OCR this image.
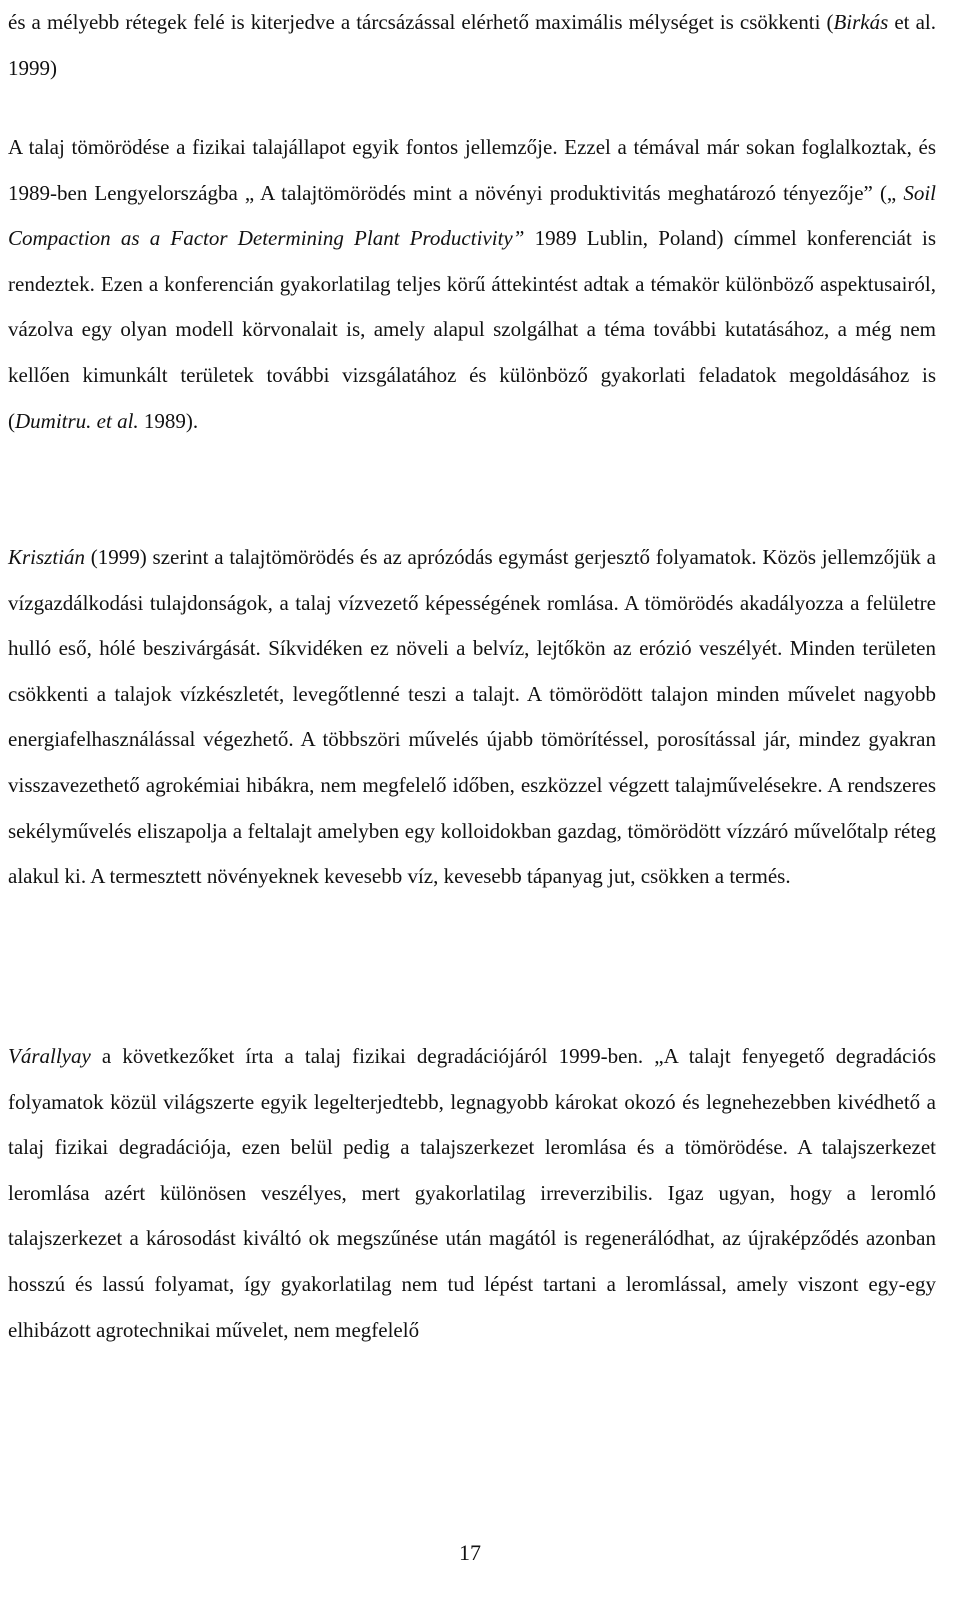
és a mélyebb rétegek felé is kiterjedve a tárcsázással elérhető maximális mélységet is csökkenti (Birkás et al. 1999)

A talaj tömörödése a fizikai talajállapot egyik fontos jellemzője. Ezzel a témával már sokan foglalkoztak, és 1989-ben Lengyelországba „ A talajtömörödés mint a növényi produktivitás meghatározó tényezője” („ Soil Compaction as a Factor Determining Plant Productivity” 1989 Lublin, Poland) címmel konferenciát is rendeztek. Ezen a konferencián gyakorlatilag teljes körű áttekintést adtak a témakör különböző aspektusairól, vázolva egy olyan modell körvonalait is, amely alapul szolgálhat a téma további kutatásához, a még nem kellően kimunkált területek további vizsgálatához és különböző gyakorlati feladatok megoldásához is (Dumitru. et al. 1989).

Krisztián (1999) szerint a talajtömörödés és az aprózódás egymást gerjesztő folyamatok. Közös jellemzőjük a vízgazdálkodási tulajdonságok, a talaj vízvezető képességének romlása. A tömörödés akadályozza a felületre hulló eső, hólé beszivárgását. Síkvidéken ez növeli a belvíz, lejtőkön az erózió veszélyét. Minden területen csökkenti a talajok vízkészletét, levegőtlenné teszi a talajt. A tömörödött talajon minden művelet nagyobb energiafelhasználással végezhető. A többszöri művelés újabb tömörítéssel, porosítással jár, mindez gyakran visszavezethető agrokémiai hibákra, nem megfelelő időben, eszközzel végzett talajművelésekre. A rendszeres sekélyművelés eliszapolja a feltalajt amelyben egy kolloidokban gazdag, tömörödött vízzáró művelőtalp réteg alakul ki. A termesztett növényeknek kevesebb víz, kevesebb tápanyag jut, csökken a termés.

Várallyay a következőket írta a talaj fizikai degradációjáról 1999-ben. „A talajt fenyegető degradációs folyamatok közül világszerte egyik legelterjedtebb, legnagyobb károkat okozó és legnehezebben kivédhető a talaj fizikai degradációja, ezen belül pedig a talajszerkezet leromlása és a tömörödése. A talajszerkezet leromlása azért különösen veszélyes, mert gyakorlatilag irreverzibilis. Igaz ugyan, hogy a leromló talajszerkezet a károsodást kiváltó ok megszűnése után magától is regenerálódhat, az újraképződés azonban hosszú és lassú folyamat, így gyakorlatilag nem tud lépést tartani a leromlással, amely viszont egy-egy elhibázott agrotechnikai művelet, nem megfelelő

17
